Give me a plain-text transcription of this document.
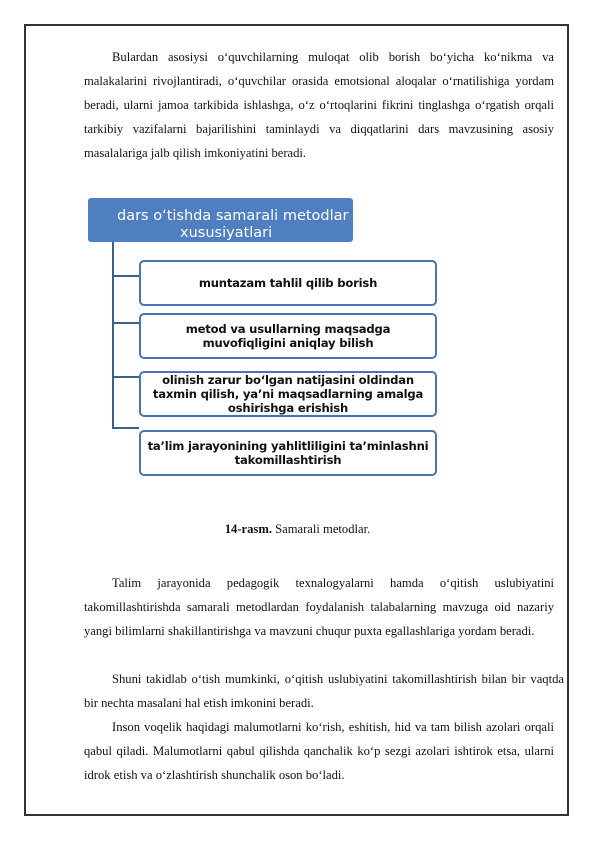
Bulardan asosiysi o‘quvchilarning muloqat olib borish bo‘yicha ko‘nikma va malakalarini rivojlantiradi, o‘quvchilar orasida emotsional aloqalar o‘rnatilishiga yordam beradi, ularni jamoa tarkibida ishlashga, o‘z o‘rtoqlarini fikrini tinglashga o‘rgatish orqali tarkibiy vazifalarni bajarilishini taminlaydi va diqqatlarini dars mavzusining asosiy masalalariga jalb qilish imkoniyatini beradi.

dars o‘tishda samarali metodlar
xususiyatlari
muntazam tahlil qilib borish
metod va usullarning maqsadga muvofiqligini aniqlay bilish
olinish zarur bo‘lgan natijasini oldindan taxmin qilish, ya’ni maqsadlarning amalga oshirishga erishish
ta’lim jarayonining yahlitliligini ta’minlashni takomillashtirish
14-rasm. Samarali metodlar.

Talim jarayonida pedagogik texnalogyalarni hamda o‘qitish uslubiyatini takomillashtirishda samarali metodlardan foydalanish talabalarning mavzuga oid nazariy yangi bilimlarni shakillantirishga va mavzuni chuqur puxta egallashlariga yordam beradi.

Shuni takidlab o‘tish mumkinki, o‘qitish uslubiyatini takomillashtirish bilan bir vaqtda bir nechta masalani hal etish imkonini beradi.

Inson voqelik haqidagi malumotlarni ko‘rish, eshitish, hid va tam bilish azolari orqali qabul qiladi. Malumotlarni qabul qilishda qanchalik ko‘p sezgi azolari ishtirok etsa, ularni idrok etish va o‘zlashtirish shunchalik oson bo‘ladi.
